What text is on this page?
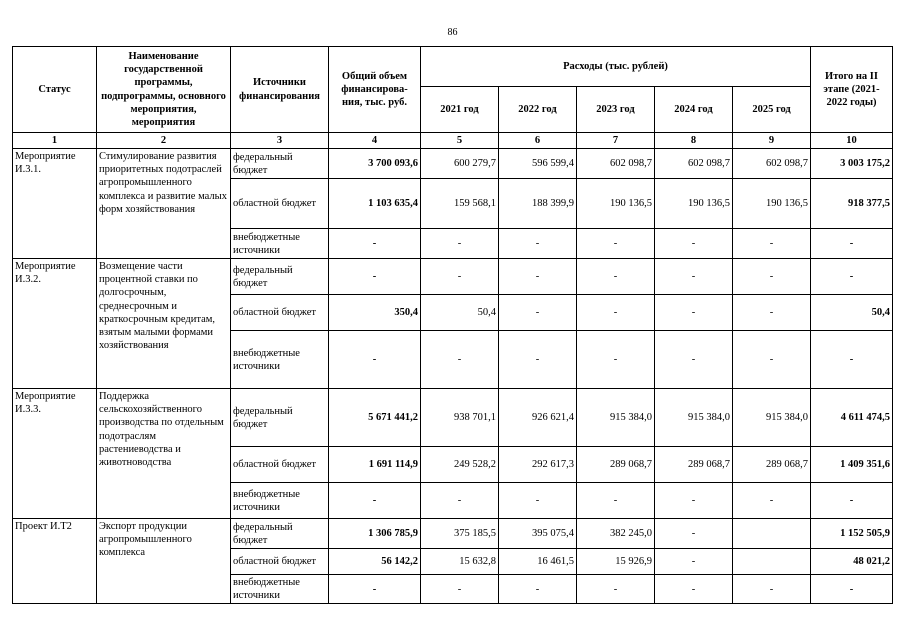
86
Статус	Наименование государственной программы, подпрограммы, основного мероприятия, мероприятия	Источники финансирования	Общий объем финансирова-ния, тыс. руб.	Расходы (тыс. рублей)					Итого на II этапе (2021-2022 годы)
				2021 год	2022 год	2023 год	2024 год	2025 год	
1	2	3	4	5	6	7	8	9	10
Мероприятие И.3.1.	Стимулирование развития приоритетных подотраслей агропромышленного комплекса и развитие малых форм хозяйствования	федеральный бюджет	3 700 093,6	600 279,7	596 599,4	602 098,7	602 098,7	602 098,7	3 003 175,2
		областной бюджет	1 103 635,4	159 568,1	188 399,9	190 136,5	190 136,5	190 136,5	918 377,5
		внебюджетные источники	-	-	-	-	-	-	-
Мероприятие И.3.2.	Возмещение части процентной ставки по долгосрочным, среднесрочным и краткосрочным кредитам, взятым малыми формами хозяйствования	федеральный бюджет	-	-	-	-	-	-	-
		областной бюджет	350,4	50,4	-	-	-	-	50,4
		внебюджетные источники	-	-	-	-	-	-	-
Мероприятие И.3.3.	Поддержка сельскохозяйственного производства по отдельным подотраслям растениеводства и животноводства	федеральный бюджет	5 671 441,2	938 701,1	926 621,4	915 384,0	915 384,0	915 384,0	4 611 474,5
		областной бюджет	1 691 114,9	249 528,2	292 617,3	289 068,7	289 068,7	289 068,7	1 409 351,6
		внебюджетные источники	-	-	-	-	-	-	-
Проект И.Т2	Экспорт продукции агропромышленного комплекса	федеральный бюджет	1 306 785,9	375 185,5	395 075,4	382 245,0	-		1 152 505,9
		областной бюджет	56 142,2	15 632,8	16 461,5	15 926,9	-		48 021,2
		внебюджетные источники	-	-	-	-	-	-	-
